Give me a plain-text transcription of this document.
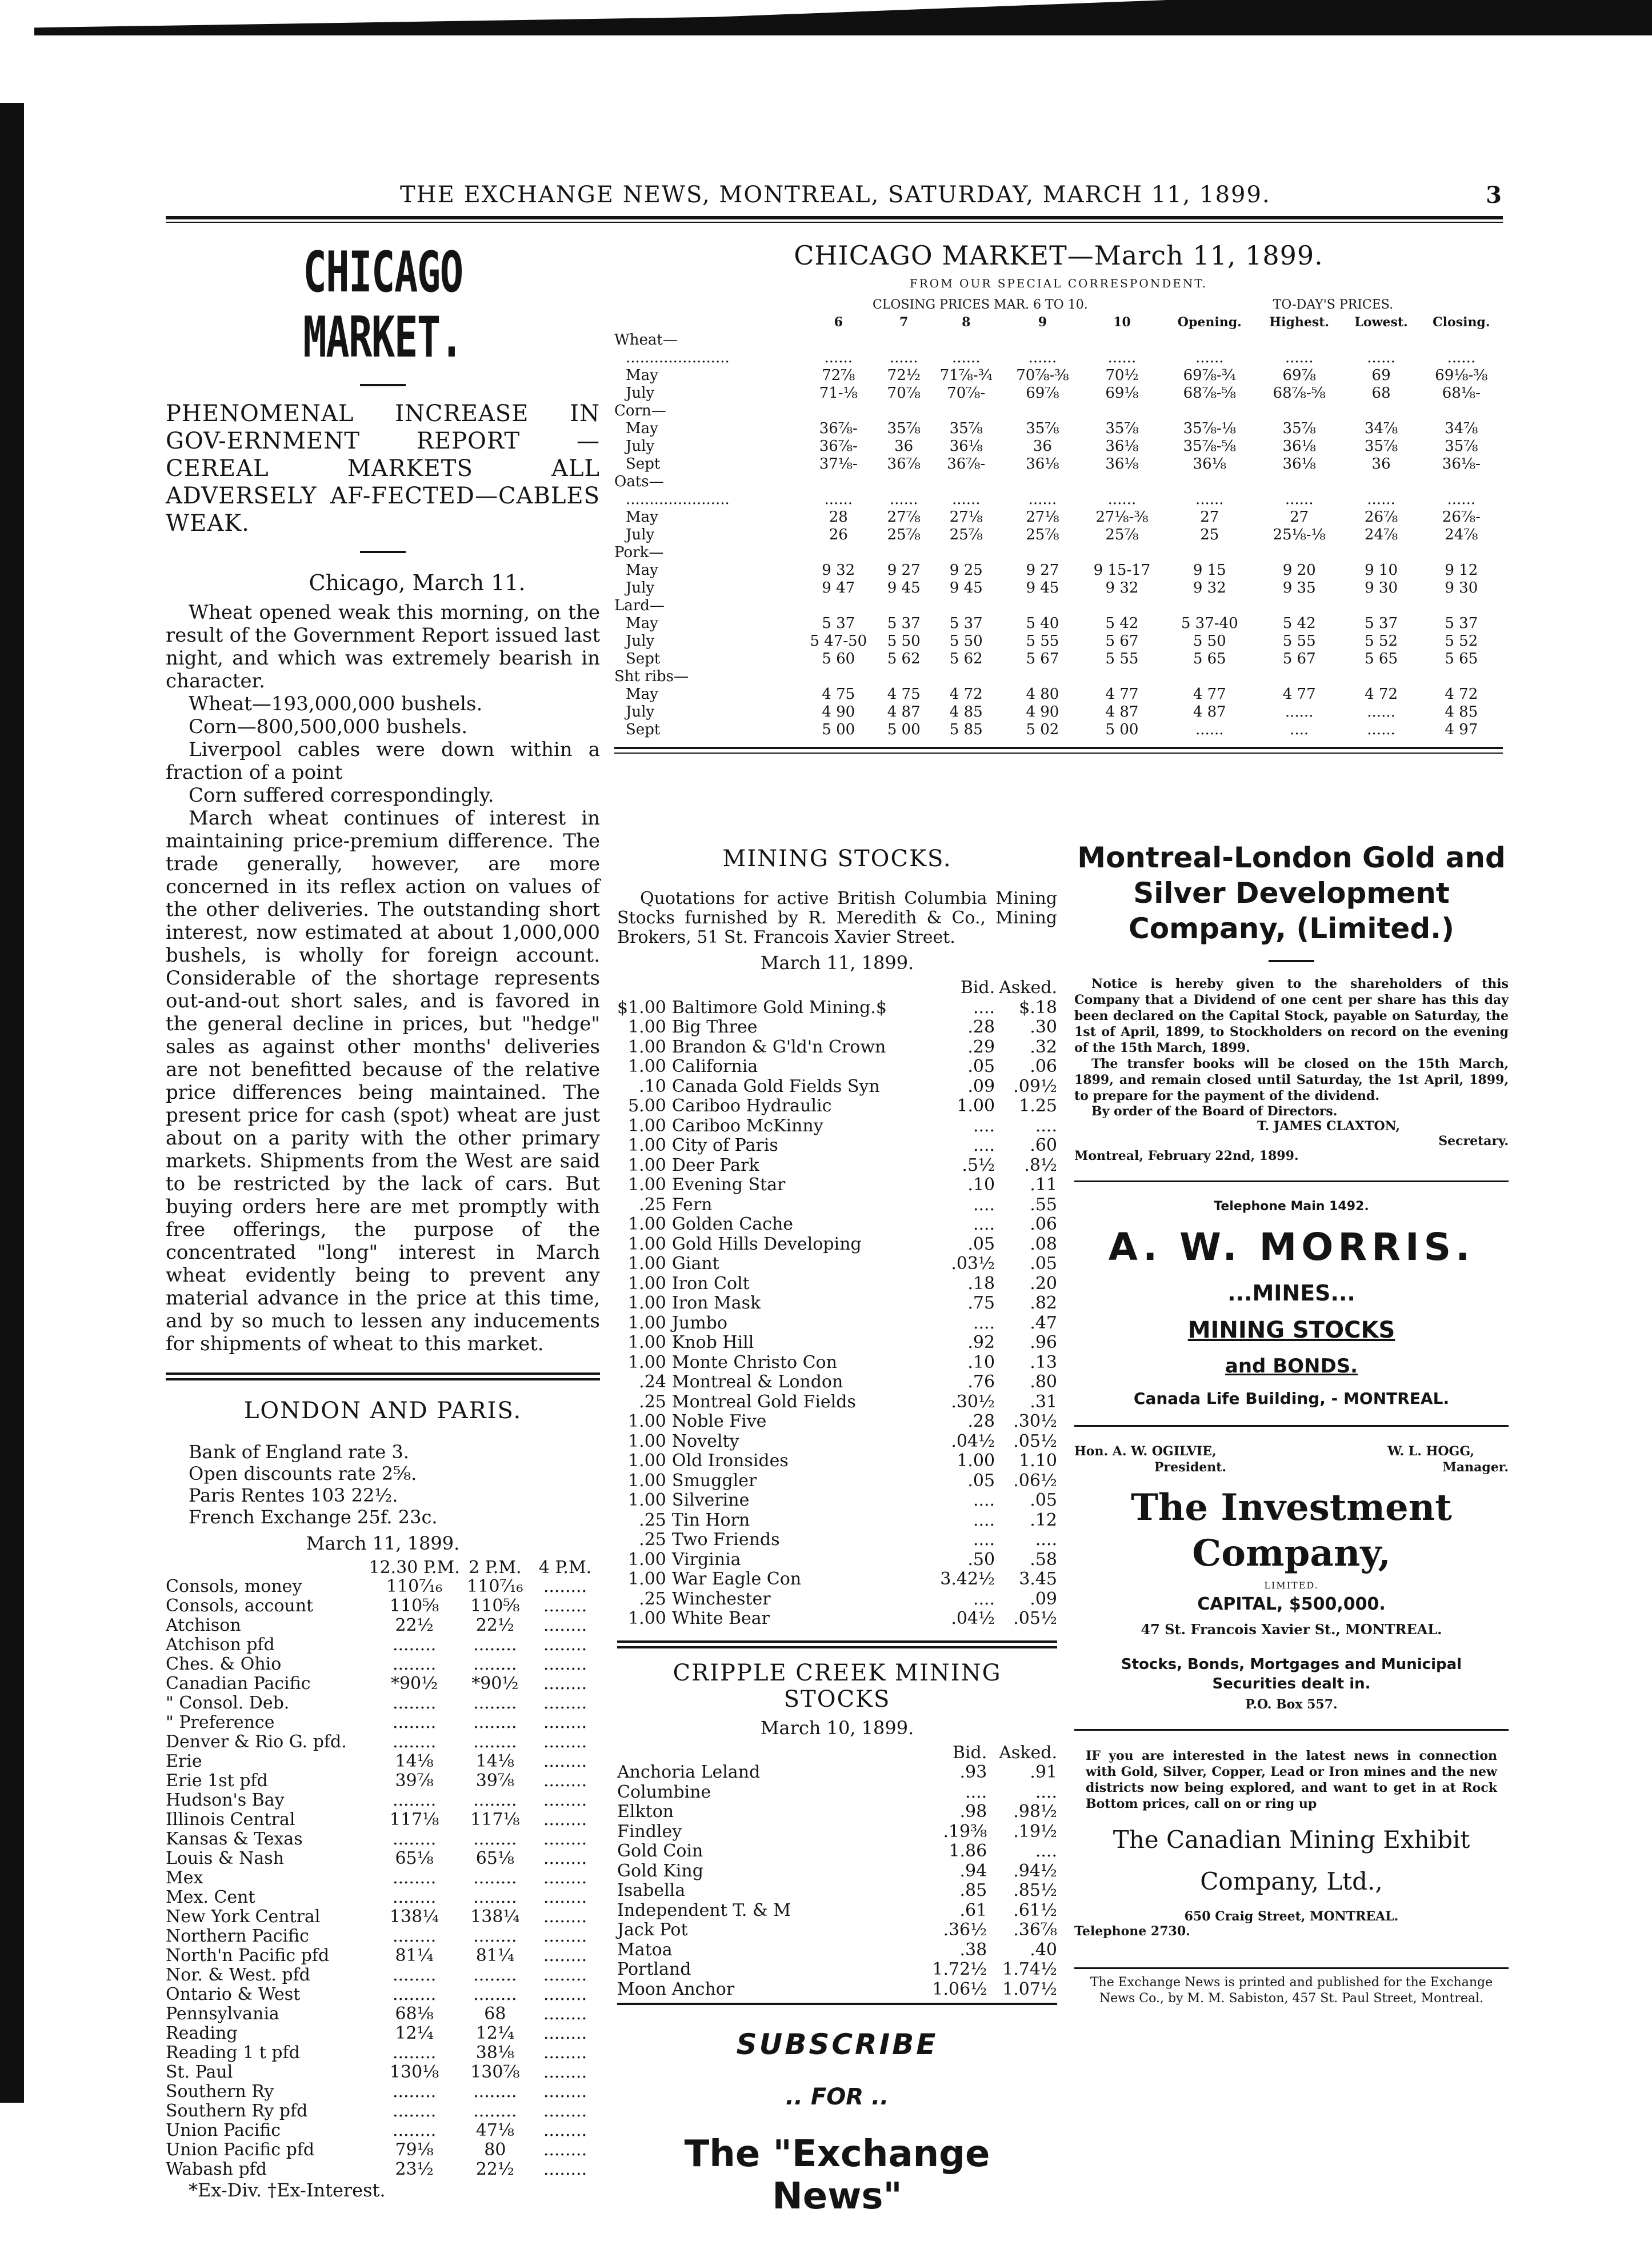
THE EXCHANGE NEWS, MONTREAL, SATURDAY, MARCH 11, 1899.	3
CHICAGO MARKET.
PHENOMENAL INCREASE IN GOV-ERNMENT REPORT — CEREAL MARKETS ALL ADVERSELY AF-FECTED—CABLES WEAK.
Chicago, March 11.

Wheat opened weak this morning, on the result of the Government Report issued last night, and which was extremely bearish in character.

Wheat—193,000,000 bushels.

Corn—800,500,000 bushels.

Liverpool cables were down within a fraction of a point

Corn suffered correspondingly.

March wheat continues of interest in maintaining price-premium difference. The trade generally, however, are more concerned in its reflex action on values of the other deliveries. The outstanding short interest, now estimated at about 1,000,000 bushels, is wholly for foreign account. Considerable of the shortage represents out-and-out short sales, and is favored in the general decline in prices, but "hedge" sales as against other months' deliveries are not benefitted because of the relative price differences being maintained. The present price for cash (spot) wheat are just about on a parity with the other primary markets. Shipments from the West are said to be restricted by the lack of cars. But buying orders here are met promptly with free offerings, the purpose of the concentrated "long" interest in March wheat evidently being to prevent any material advance in the price at this time, and by so much to lessen any inducements for shipments of wheat to this market.

LONDON AND PARIS.

Bank of England rate 3.

Open discounts rate 2⅝.

Paris Rentes 103 22½.

French Exchange 25f. 23c.

March 11, 1899.

	12.30 P.M.	2 P.M.	4 P.M.
Consols, money	110⁷⁄₁₆	110⁷⁄₁₆	........
Consols, account	110⅝	110⅝	........
Atchison	22½	22½	........
Atchison pfd	........	........	........
Ches. & Ohio	........	........	........
Canadian Pacific	*90½	*90½	........
" Consol. Deb.	........	........	........
" Preference	........	........	........
Denver & Rio G. pfd.	........	........	........
Erie	14⅛	14⅛	........
Erie 1st pfd	39⅞	39⅞	........
Hudson's Bay	........	........	........
Illinois Central	117⅛	117⅛	........
Kansas & Texas	........	........	........
Louis & Nash	65⅛	65⅛	........
Mex	........	........	........
Mex. Cent	........	........	........
New York Central	138¼	138¼	........
Northern Pacific	........	........	........
North'n Pacific pfd	81¼	81¼	........
Nor. & West. pfd	........	........	........
Ontario & West	........	........	........
Pennsylvania	68⅛	68	........
Reading	12¼	12¼	........
Reading 1 t pfd	........	38⅛	........
St. Paul	130⅛	130⅞	........
Southern Ry	........	........	........
Southern Ry pfd	........	........	........
Union Pacific	........	47⅛	........
Union Pacific pfd	79⅛	80	........
Wabash pfd	23½	22½	........

*Ex-Div. †Ex-Interest.

CHICAGO MARKET—March 11, 1899.
FROM OUR SPECIAL CORRESPONDENT.
	CLOSING PRICES MAR. 6 TO 10.					TO-DAY'S PRICES.			
	6	7	8	9	10	Opening.	Highest.	Lowest.	Closing.
Wheat—									
......................	......	......	......	......	......	......	......	......	......
May	72⅞	72½	71⅞-¾	70⅞-⅜	70½	69⅞-¾	69⅞	69	69⅛-⅜
July	71-⅛	70⅞	70⅞-	69⅞	69⅛	68⅞-⅝	68⅞-⅝	68	68⅛-
Corn—									
May	36⅞-	35⅞	35⅞	35⅞	35⅞	35⅞-⅛	35⅞	34⅞	34⅞
July	36⅞-	36	36⅛	36	36⅛	35⅞-⅝	36⅛	35⅞	35⅞
Sept	37⅛-	36⅞	36⅞-	36⅛	36⅛	36⅛	36⅛	36	36⅛-
Oats—									
......................	......	......	......	......	......	......	......	......	......
May	28	27⅞	27⅛	27⅛	27⅛-⅜	27	27	26⅞	26⅞-
July	26	25⅞	25⅞	25⅞	25⅞	25	25⅛-⅛	24⅞	24⅞
Pork—									
May	9 32	9 27	9 25	9 27	9 15-17	9 15	9 20	9 10	9 12
July	9 47	9 45	9 45	9 45	9 32	9 32	9 35	9 30	9 30
Lard—									
May	5 37	5 37	5 37	5 40	5 42	5 37-40	5 42	5 37	5 37
July	5 47-50	5 50	5 50	5 55	5 67	5 50	5 55	5 52	5 52
Sept	5 60	5 62	5 62	5 67	5 55	5 65	5 67	5 65	5 65
Sht ribs—									
May	4 75	4 75	4 72	4 80	4 77	4 77	4 77	4 72	4 72
July	4 90	4 87	4 85	4 90	4 87	4 87	......	......	4 85
Sept	5 00	5 00	5 85	5 02	5 00	......	....	......	4 97
MINING STOCKS.

Quotations for active British Columbia Mining Stocks furnished by R. Meredith & Co., Mining Brokers, 51 St. Francois Xavier Street.

March 11, 1899.

		Bid.	Asked.
$1.00	Baltimore Gold Mining.$	....	$.18
1.00	Big Three	.28	.30
1.00	Brandon & G'ld'n Crown	.29	.32
1.00	California	.05	.06
.10	Canada Gold Fields Syn	.09	.09½
5.00	Cariboo Hydraulic	1.00	1.25
1.00	Cariboo McKinny	....	....
1.00	City of Paris	....	.60
1.00	Deer Park	.5½	.8½
1.00	Evening Star	.10	.11
.25	Fern	....	.55
1.00	Golden Cache	....	.06
1.00	Gold Hills Developing	.05	.08
1.00	Giant	.03½	.05
1.00	Iron Colt	.18	.20
1.00	Iron Mask	.75	.82
1.00	Jumbo	....	.47
1.00	Knob Hill	.92	.96
1.00	Monte Christo Con	.10	.13
.24	Montreal & London	.76	.80
.25	Montreal Gold Fields	.30½	.31
1.00	Noble Five	.28	.30½
1.00	Novelty	.04½	.05½
1.00	Old Ironsides	1.00	1.10
1.00	Smuggler	.05	.06½
1.00	Silverine	....	.05
.25	Tin Horn	....	.12
.25	Two Friends	....	....
1.00	Virginia	.50	.58
1.00	War Eagle Con	3.42½	3.45
.25	Winchester	....	.09
1.00	White Bear	.04½	.05½
CRIPPLE CREEK MINING STOCKS

March 10, 1899.

	Bid.	Asked.
Anchoria Leland	.93	.91
Columbine	....	....
Elkton	.98	.98½
Findley	.19⅜	.19½
Gold Coin	1.86	....
Gold King	.94	.94½
Isabella	.85	.85½
Independent T. & M	.61	.61½
Jack Pot	.36½	.36⅞
Matoa	.38	.40
Portland	1.72½	1.74½
Moon Anchor	1.06½	1.07½
SUBSCRIBE
.. FOR ..
The "Exchange News"
Montreal-London Gold and Silver Development Company, (Limited.)

Notice is hereby given to the shareholders of this Company that a Dividend of one cent per share has this day been declared on the Capital Stock, payable on Saturday, the 1st of April, 1899, to Stockholders on record on the evening of the 15th March, 1899.

The transfer books will be closed on the 15th March, 1899, and remain closed until Saturday, the 1st April, 1899, to prepare for the payment of the dividend.

By order of the Board of Directors.

T. JAMES CLAXTON,

Secretary.

Montreal, February 22nd, 1899.

Telephone Main 1492.

A. W. MORRIS.
...MINES...
MINING STOCKS
and BONDS.
Canada Life Building, - MONTREAL.
Hon. A. W. OGILVIE,
President.
W. L. HOGG,
Manager.
The Investment Company,
LIMITED.
CAPITAL, $500,000.
47 St. Francois Xavier St., MONTREAL.
Stocks, Bonds, Mortgages and Municipal Securities dealt in.
P.O. Box 557.

IF you are interested in the latest news in connection with Gold, Silver, Copper, Lead or Iron mines and the new districts now being explored, and want to get in at Rock Bottom prices, call on or ring up

The Canadian Mining Exhibit
Company, Ltd.,
650 Craig Street, MONTREAL.
Telephone 2730.

The Exchange News is printed and published for the Exchange News Co., by M. M. Sabiston, 457 St. Paul Street, Montreal.
